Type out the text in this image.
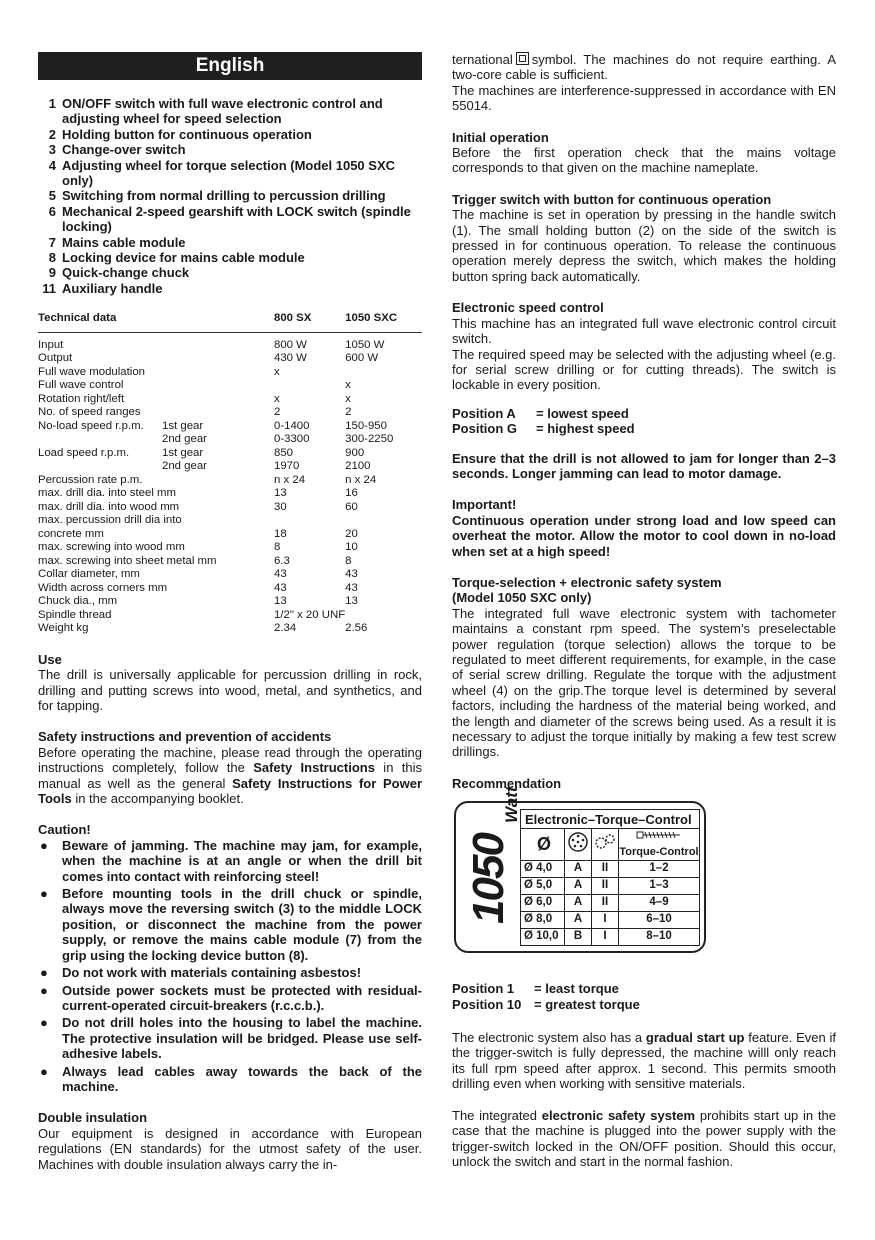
English
1 ON/OFF switch with full wave electronic control and adjusting wheel for speed selection
2 Holding button for continuous operation
3 Change-over switch
4 Adjusting wheel for torque selection (Model 1050 SXC only)
5 Switching from normal drilling to percussion drilling
6 Mechanical 2-speed gearshift with LOCK switch (spindle locking)
7 Mains cable module
8 Locking device for mains cable module
9 Quick-change chuck
11 Auxiliary handle
Technical data	800 SX	1050 SXC
Input	800 W	1050 W
Output	430 W	600 W
Full wave modulation	x	
Full wave control		x
Rotation right/left	x	x
No. of speed ranges	2	2
No-load speed r.p.m. 1st gear	0-1400	150-950
2nd gear	0-3300	300-2250
Load speed r.p.m. 1st gear	850	900
2nd gear	1970	2100
Percussion rate p.m.	n x 24	n x 24
max. drill dia. into steel mm	13	16
max. drill dia. into wood mm	30	60
max. percussion drill dia into		
concrete mm	18	20
max. screwing into wood mm	8	10
max. screwing into sheet metal mm	6.3	8
Collar diameter, mm	43	43
Width across corners mm	43	43
Chuck dia., mm	13	13
Spindle thread	1/2" x 20 UNF	
Weight kg	2.34	2.56
Use

The drill is universally applicable for percussion drilling in rock, drilling and putting screws into wood, metal, and synthetics, and for tapping.

Safety instructions and prevention of accidents

Before operating the machine, please read through the operating instructions completely, follow the Safety Instructions in this manual as well as the general Safety Instructions for Power Tools in the accompanying booklet.

Caution!
● Beware of jamming. The machine may jam, for example, when the machine is at an angle or when the drill bit comes into contact with reinforcing steel!
● Before mounting tools in the drill chuck or spindle, always move the reversing switch (3) to the middle LOCK position, or disconnect the machine from the power supply, or remove the mains cable module (7) from the grip using the locking device button (8).
● Do not work with materials containing asbestos!
● Outside power sockets must be protected with residual-current-operated circuit-breakers (r.c.c.b.).
● Do not drill holes into the housing to label the machine. The protective insulation will be bridged. Please use self-adhesive labels.
● Always lead cables away towards the back of the machine.
Double insulation

Our equipment is designed in accordance with European regulations (EN standards) for the utmost safety of the user. Machines with double insulation always carry the in-

ternational symbol. The machines do not require earthing. A two-core cable is sufficient.

The machines are interference-suppressed in accordance with EN 55014.

Initial operation

Before the first operation check that the mains voltage corresponds to that given on the machine nameplate.

Trigger switch with button for continuous operation

The machine is set in operation by pressing in the handle switch (1). The small holding button (2) on the side of the switch is pressed in for continuous operation. To release the continuous operation merely depress the switch, which makes the holding button spring back automatically.

Electronic speed control

This machine has an integrated full wave electronic control circuit switch.

The required speed may be selected with the adjusting wheel (e.g. for serial screw drilling or for cutting threads). The switch is lockable in every position.

Position A = lowest speed
Position G = highest speed

Ensure that the drill is not allowed to jam for longer than 2–3 seconds. Longer jamming can lead to motor damage.

Important!

Continuous operation under strong load and low speed can overheat the motor. Allow the motor to cool down in no-load when set at a high speed!

Torque-selection + electronic safety system
(Model 1050 SXC only)

The integrated full wave electronic system with tachometer maintains a constant rpm speed. The system’s preselectable power regulation (torque selection) allows the torque to be regulated to meet different requirements, for example, in the case of serial screw drilling. Regulate the torque with the adjustment wheel (4) on the grip.The torque level is determined by several factors, including the hardness of the material being worked, and the length and diameter of the screws being used. As a result it is necessary to adjust the torque initially by making a few test screw drillings.

Recommendation
1050
Watt Electronic–Torque–Control			
Ø			Torque-Control
Ø 4,0	A	II	1–2
Ø 5,0	A	II	1–3
Ø 6,0	A	II	4–9
Ø 8,0	A	I	6–10
Ø 10,0	B	I	8–10
Position 1 = least torque
Position 10 = greatest torque

The electronic system also has a gradual start up feature. Even if the trigger-switch is fully depressed, the machine willl only reach its full rpm speed after approx. 1 second. This permits smooth drilling even when working with sensitive materials.

The integrated electronic safety system prohibits start up in the case that the machine is plugged into the power supply with the trigger-switch locked in the ON/OFF position. Should this occur, unlock the switch and start in the normal fashion.
